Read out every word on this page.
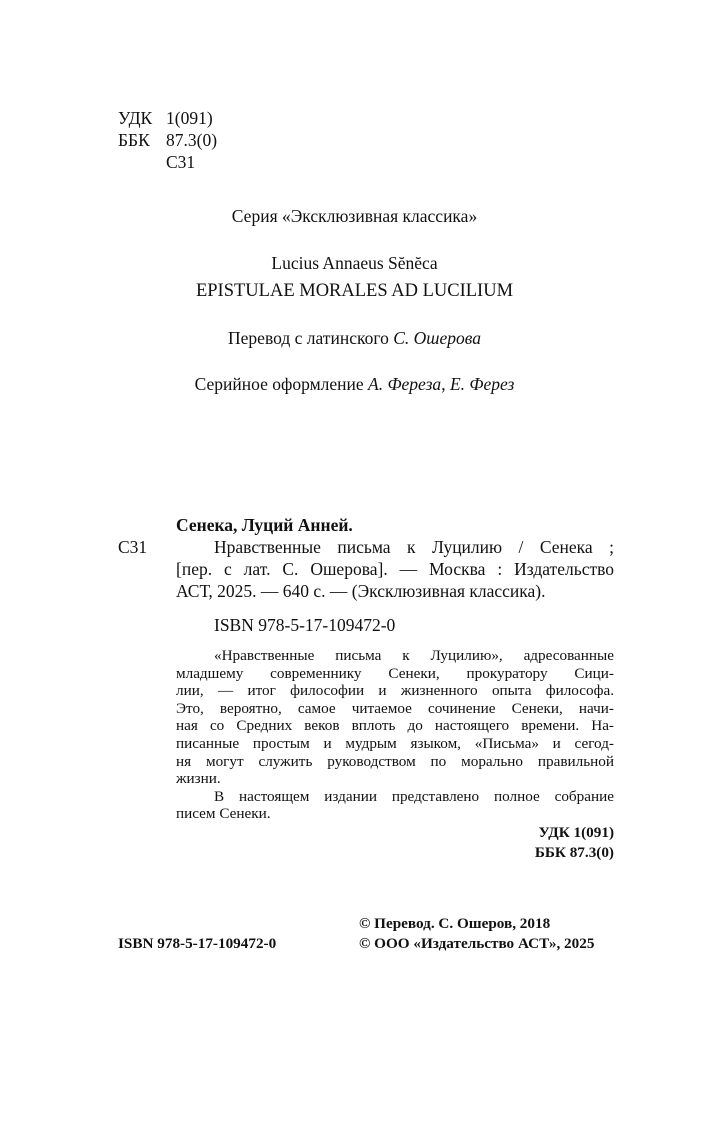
УДК 1(091)
ББК 87.3(0)
С31
Серия «Эксклюзивная классика»
Lucius Annaeus Sĕnĕca
EPISTULAE MORALES AD LUCILIUM
Перевод с латинского С. Ошерова
Серийное оформление А. Фереза, Е. Ферез
Сенека, Луций Анней.
С31	Нравственные письма к Луцилию / Сенека ;
[пер. с лат. С. Ошерова]. — Москва : Издательство
АСТ, 2025. — 640 с. — (Эксклюзивная классика).
ISBN 978-5-17-109472-0
«Нравственные письма к Луцилию», адресованные
младшему современнику Сенеки, прокуратору Сици-
лии, — итог философии и жизненного опыта философа.
Это, вероятно, самое читаемое сочинение Сенеки, начи-
ная со Средних веков вплоть до настоящего времени. На-
писанные простым и мудрым языком, «Письма» и сегод-
ня могут служить руководством по морально правильной
жизни.
В настоящем издании представлено полное собрание
писем Сенеки.
УДК 1(091)
ББК 87.3(0)
© Перевод. С. Ошеров, 2018
ISBN 978-5-17-109472-0	© ООО «Издательство АСТ», 2025
